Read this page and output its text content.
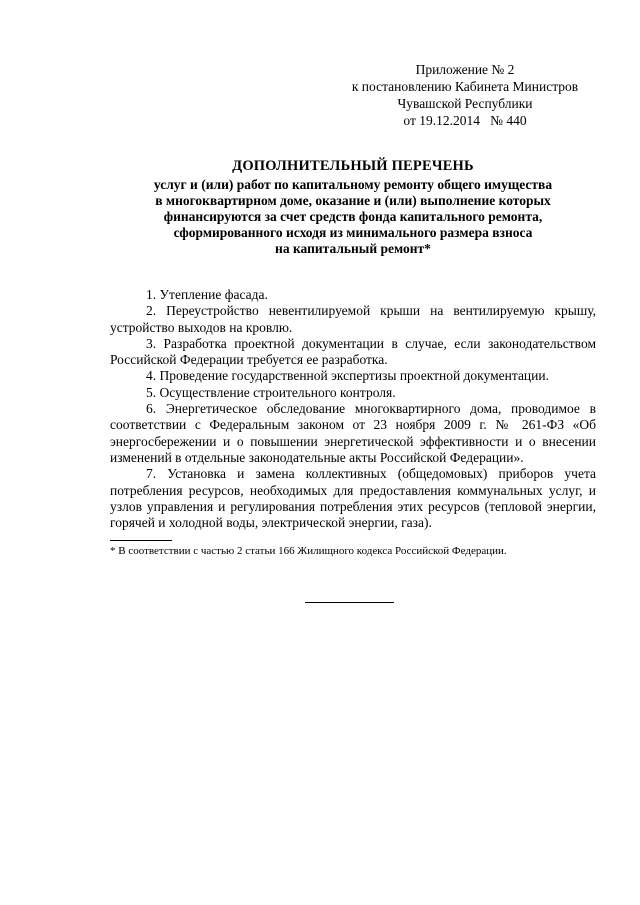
Приложение № 2
к постановлению Кабинета Министров
Чувашской Республики
от 19.12.2014   № 440
ДОПОЛНИТЕЛЬНЫЙ ПЕРЕЧЕНЬ
услуг и (или) работ по капитальному ремонту общего имущества
в многоквартирном доме, оказание и (или) выполнение которых
финансируются за счет средств фонда капитального ремонта,
сформированного исходя из минимального размера взноса
на капитальный ремонт*

1. Утепление фасада.

2. Переустройство невентилируемой крыши на вентилируемую крышу, устройство выходов на кровлю.

3. Разработка проектной документации в случае, если законодательством Российской Федерации требуется ее разработка.

4. Проведение государственной экспертизы проектной документации.

5. Осуществление строительного контроля.

6. Энергетическое обследование многоквартирного дома, проводимое в соответствии с Федеральным законом от 23 ноября 2009 г. № 261-ФЗ «Об энергосбережении и о повышении энергетической эффективности и о внесении изменений в отдельные законодательные акты Российской Федерации».

7. Установка и замена коллективных (общедомовых) приборов учета потребления ресурсов, необходимых для предоставления коммунальных услуг, и узлов управления и регулирования потребления этих ресурсов (тепловой энергии, горячей и холодной воды, электрической энергии, газа).

* В соответствии с частью 2 статьи 166 Жилищного кодекса Российской Федерации.
